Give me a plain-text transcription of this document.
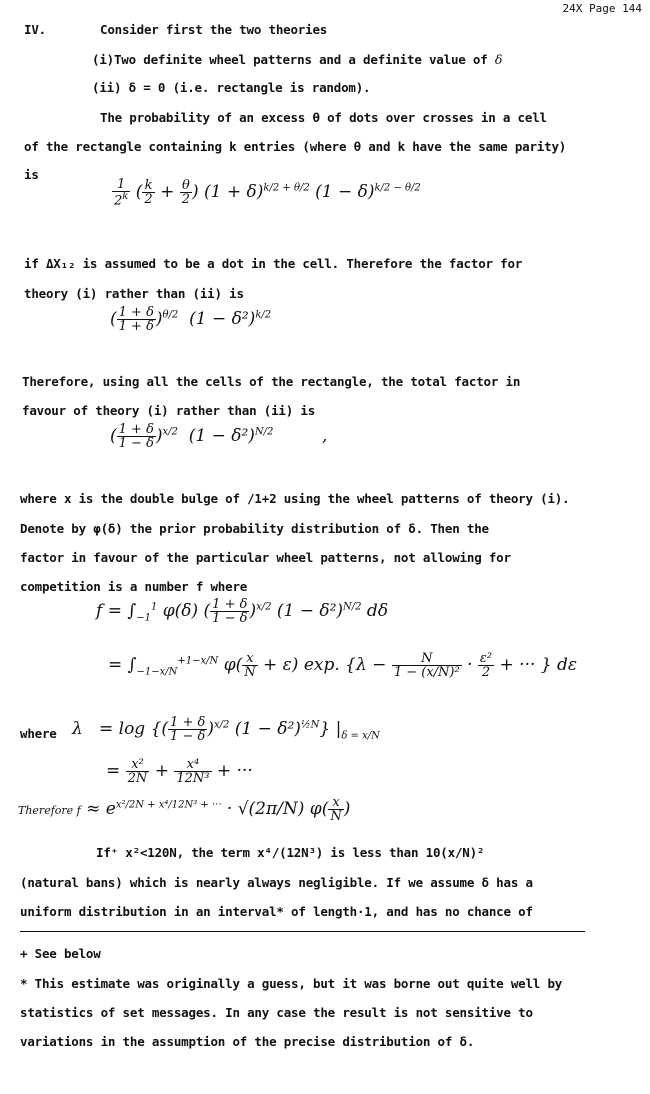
24X Page 144
IV.	Consider first the two theories
(i)Two definite wheel patterns and a definite value of δ
(ii) δ = 0 (i.e. rectangle is random).
The probability of an excess θ of dots over crosses in a cell
of the rectangle containing k entries (where θ and k have the same parity)
is
$\frac{1}{2^k}$ ( $\frac{k}{2} + \frac{\theta}{2}$ ) $(1 + \delta)^{k/2 + \theta/2}$ $(1 - \delta)^{k/2 - \theta/2}$
if ΔX₁₂ is assumed to be a dot in the cell. Therefore the factor for
theory (i) rather than (ii) is
( $\frac{1 + \delta}{1 + \delta} )^{\theta/2}$  $(1 - \delta^2)^{k/2}$
Therefore, using all the cells of the rectangle, the total factor in
favour of theory (i) rather than (ii) is
( $\frac{1 + \delta}{1 - \delta} )^{x/2}$  $(1 - \delta^2)^{N/2}$         ,
where x is the double bulge of /1+2 using the wheel patterns of theory (i).
Denote by φ(δ) the prior probability distribution of δ. Then the
factor in favour of the particular wheel patterns, not allowing for
competition is a number f where
$f = \int_{-1}^1$ φ(δ) ( $\frac{1 + \delta}{1 - \delta} )^{x/2}$ $(1 - \delta^2)^{N/2}$ dδ
= $\int_{-1-x/N}^{+1-x/N}$ $\varphi( \frac{x}{N} + \varepsilon)$ exp. {$\lambda - \frac{N}{\text{1 − (x/N)²}} \cdot \frac{\text{ε²}}{2}$ + ··· } dε
where λ   = log {( $\frac{1 + \delta}{1 - \delta} )^{x/2}$ $(1 - \delta^2)^{\frac{1}{2}N}$} $|_{\delta = x/N}$
= $\frac{\text{x²}}{2N} + \frac{\text{x⁴}}{\text{12N³}}$ + ···
Therefore $f \approx e^{x^2/2N + x^4/12N^3 + \cdot\cdot\cdot} \cdot √(2\pi/N)$ $\varphi( \frac{x}{N}$ )
If⁺ x²<120N, the term x⁴/(12N³) is less than 10(x/N)²
(natural bans) which is nearly always negligible. If we assume δ has a
uniform distribution in an interval* of length·1, and has no chance of
+ See below
* This estimate was originally a guess, but it was borne out quite well by
statistics of set messages. In any case the result is not sensitive to
variations in the assumption of the precise distribution of δ.
